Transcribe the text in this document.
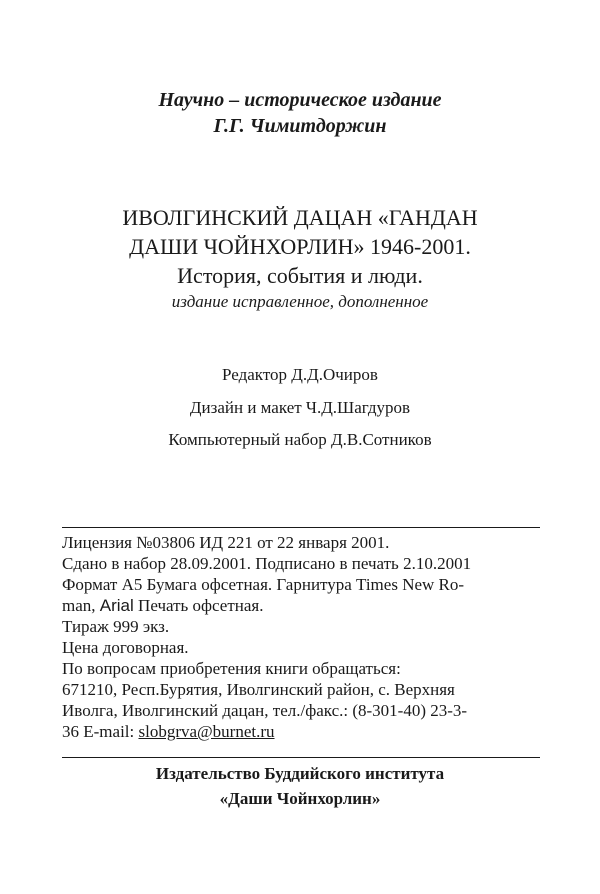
Научно – историческое издание
Г.Г. Чимитдоржин
ИВОЛГИНСКИЙ ДАЦАН «ГАНДАН
ДАШИ ЧОЙНХОРЛИН» 1946-2001.
История, события и люди.
издание исправленное, дополненное
Редактор Д.Д.Очиров
Дизайн и макет Ч.Д.Шагдуров
Компьютерный набор Д.В.Сотников
Лицензия №03806 ИД 221 от 22 января 2001.
Сдано в набор 28.09.2001. Подписано в печать 2.10.2001
Формат А5 Бумага офсетная. Гарнитура Times New Ro-
man, Arial Печать офсетная.
Тираж 999 экз.
Цена договорная.
По вопросам приобретения книги обращаться:
671210, Респ.Бурятия, Иволгинский район, с. Верхняя
Иволга, Иволгинский дацан, тел./факс.: (8-301-40) 23-3-
36 E-mail: slobgrva@burnet.ru
Издательство Буддийского института
«Даши Чойнхорлин»
